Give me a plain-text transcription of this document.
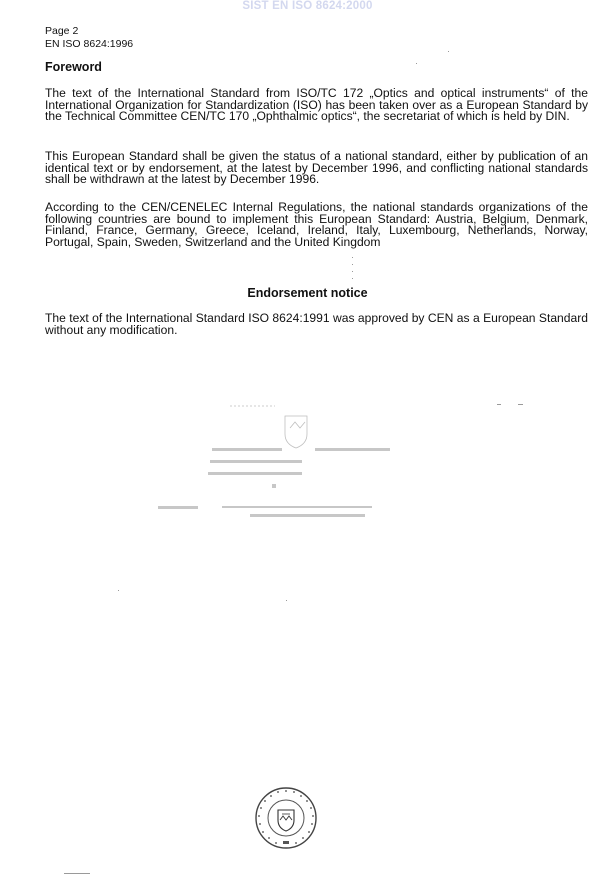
SIST EN ISO 8624:2000
Page 2
EN ISO 8624:1996
Foreword
The text of the International Standard from ISO/TC 172 „Optics and optical instruments“ of the International Organization for Standardization (ISO) has been taken over as a European Standard by the Technical Committee CEN/TC 170 „Ophthalmic optics“, the secretariat of which is held by DIN.
This European Standard shall be given the status of a national standard, either by publication of an identical text or by endorsement, at the latest by December 1996, and conflicting national standards shall be withdrawn at the latest by December 1996.
According to the CEN/CENELEC Internal Regulations, the national standards organizations of the following countries are bound to implement this European Standard: Austria, Belgium, Denmark, Finland, France, Germany, Greece, Iceland, Ireland, Italy, Luxembourg, Netherlands, Norway, Portugal, Spain, Sweden, Switzerland and the United Kingdom
Endorsement notice
The text of the International Standard ISO 8624:1991 was approved by CEN as a European Standard without any modification.
